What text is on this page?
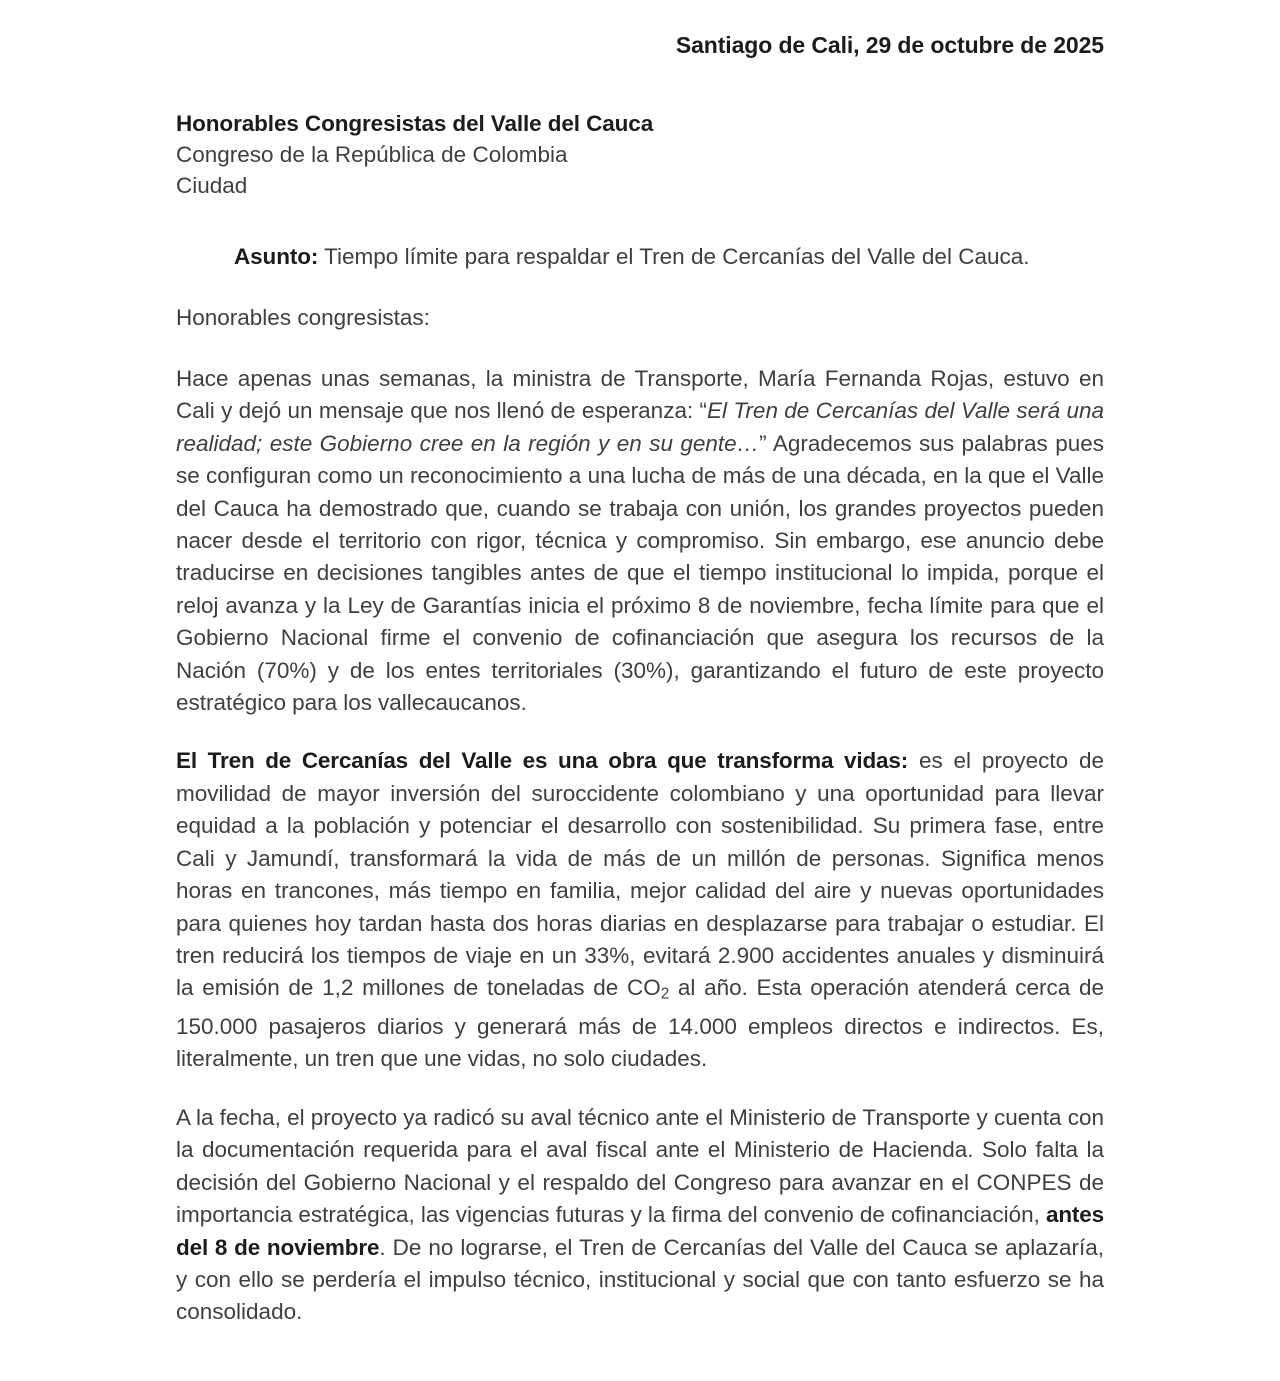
Santiago de Cali, 29 de octubre de 2025
Honorables Congresistas del Valle del Cauca
Congreso de la República de Colombia
Ciudad
Asunto: Tiempo límite para respaldar el Tren de Cercanías del Valle del Cauca.
Honorables congresistas:

Hace apenas unas semanas, la ministra de Transporte, María Fernanda Rojas, estuvo en Cali y dejó un mensaje que nos llenó de esperanza: “El Tren de Cercanías del Valle será una realidad; este Gobierno cree en la región y en su gente…” Agradecemos sus palabras pues se configuran como un reconocimiento a una lucha de más de una década, en la que el Valle del Cauca ha demostrado que, cuando se trabaja con unión, los grandes proyectos pueden nacer desde el territorio con rigor, técnica y compromiso. Sin embargo, ese anuncio debe traducirse en decisiones tangibles antes de que el tiempo institucional lo impida, porque el reloj avanza y la Ley de Garantías inicia el próximo 8 de noviembre, fecha límite para que el Gobierno Nacional firme el convenio de cofinanciación que asegura los recursos de la Nación (70%) y de los entes territoriales (30%), garantizando el futuro de este proyecto estratégico para los vallecaucanos.

El Tren de Cercanías del Valle es una obra que transforma vidas: es el proyecto de movilidad de mayor inversión del suroccidente colombiano y una oportunidad para llevar equidad a la población y potenciar el desarrollo con sostenibilidad. Su primera fase, entre Cali y Jamundí, transformará la vida de más de un millón de personas. Significa menos horas en trancones, más tiempo en familia, mejor calidad del aire y nuevas oportunidades para quienes hoy tardan hasta dos horas diarias en desplazarse para trabajar o estudiar. El tren reducirá los tiempos de viaje en un 33%, evitará 2.900 accidentes anuales y disminuirá la emisión de 1,2 millones de toneladas de $CO_2$ al año. Esta operación atenderá cerca de 150.000 pasajeros diarios y generará más de 14.000 empleos directos e indirectos. Es, literalmente, un tren que une vidas, no solo ciudades.

A la fecha, el proyecto ya radicó su aval técnico ante el Ministerio de Transporte y cuenta con la documentación requerida para el aval fiscal ante el Ministerio de Hacienda. Solo falta la decisión del Gobierno Nacional y el respaldo del Congreso para avanzar en el CONPES de importancia estratégica, las vigencias futuras y la firma del convenio de cofinanciación, antes del 8 de noviembre. De no lograrse, el Tren de Cercanías del Valle del Cauca se aplazaría, y con ello se perdería el impulso técnico, institucional y social que con tanto esfuerzo se ha consolidado.
